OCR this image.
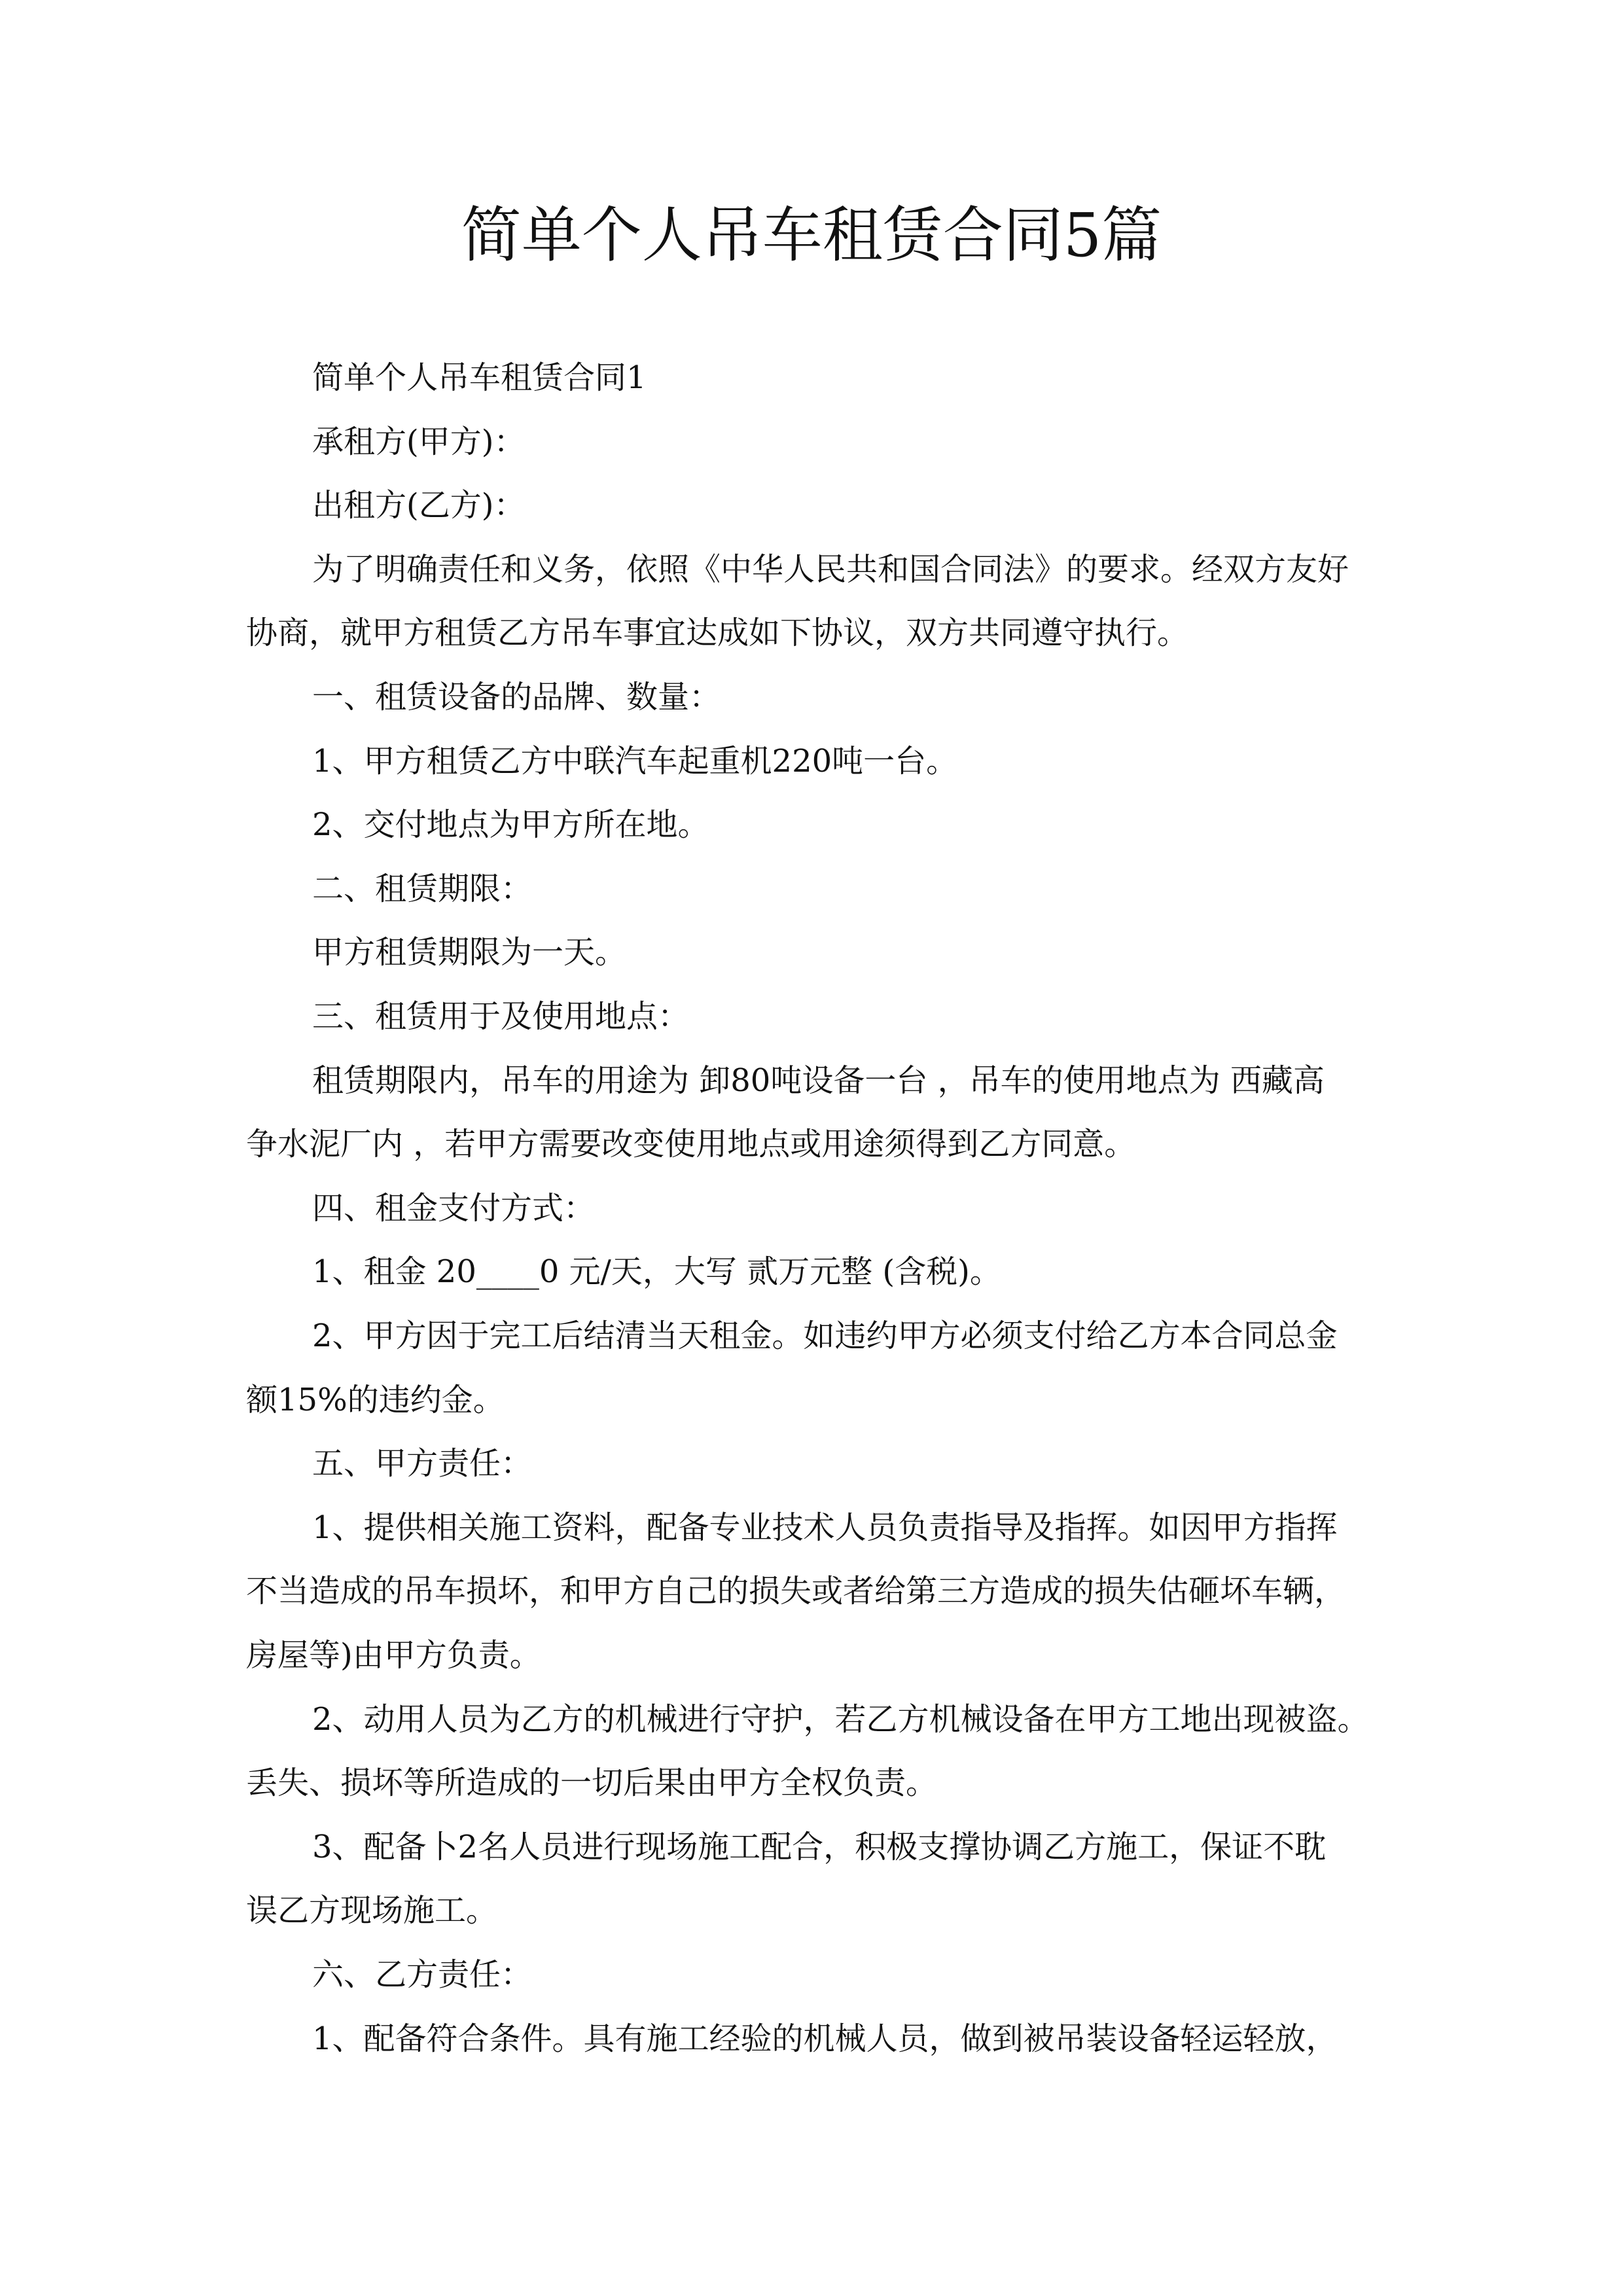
简单个人吊车租赁合同5篇
简单个人吊车租赁合同1
承租方(甲方)：
出租方(乙方)：
为了明确责任和义务，依照《中华人民共和国合同法》的要求。经双方友好
协商，就甲方租赁乙方吊车事宜达成如下协议，双方共同遵守执行。
一、租赁设备的品牌、数量：
1、甲方租赁乙方中联汽车起重机220吨一台。
2、交付地点为甲方所在地。
二、租赁期限：
甲方租赁期限为一天。
三、租赁用于及使用地点：
租赁期限内，吊车的用途为 卸80吨设备一台 ，吊车的使用地点为 西藏高
争水泥厂内 ，若甲方需要改变使用地点或用途须得到乙方同意。
四、租金支付方式：
1、租金 20____0 元/天，大写 贰万元整 (含税)。
2、甲方因于完工后结清当天租金。如违约甲方必须支付给乙方本合同总金
额15%的违约金。
五、甲方责任：
1、提供相关施工资料，配备专业技术人员负责指导及指挥。如因甲方指挥
不当造成的吊车损坏，和甲方自己的损失或者给第三方造成的损失估砸坏车辆，
房屋等)由甲方负责。
2、动用人员为乙方的机械进行守护，若乙方机械设备在甲方工地出现被盗。
丢失、损坏等所造成的一切后果由甲方全权负责。
3、配备卜2名人员进行现场施工配合，积极支撑协调乙方施工，保证不耽
误乙方现场施工。
六、乙方责任：
1、配备符合条件。具有施工经验的机械人员，做到被吊装设备轻运轻放，
